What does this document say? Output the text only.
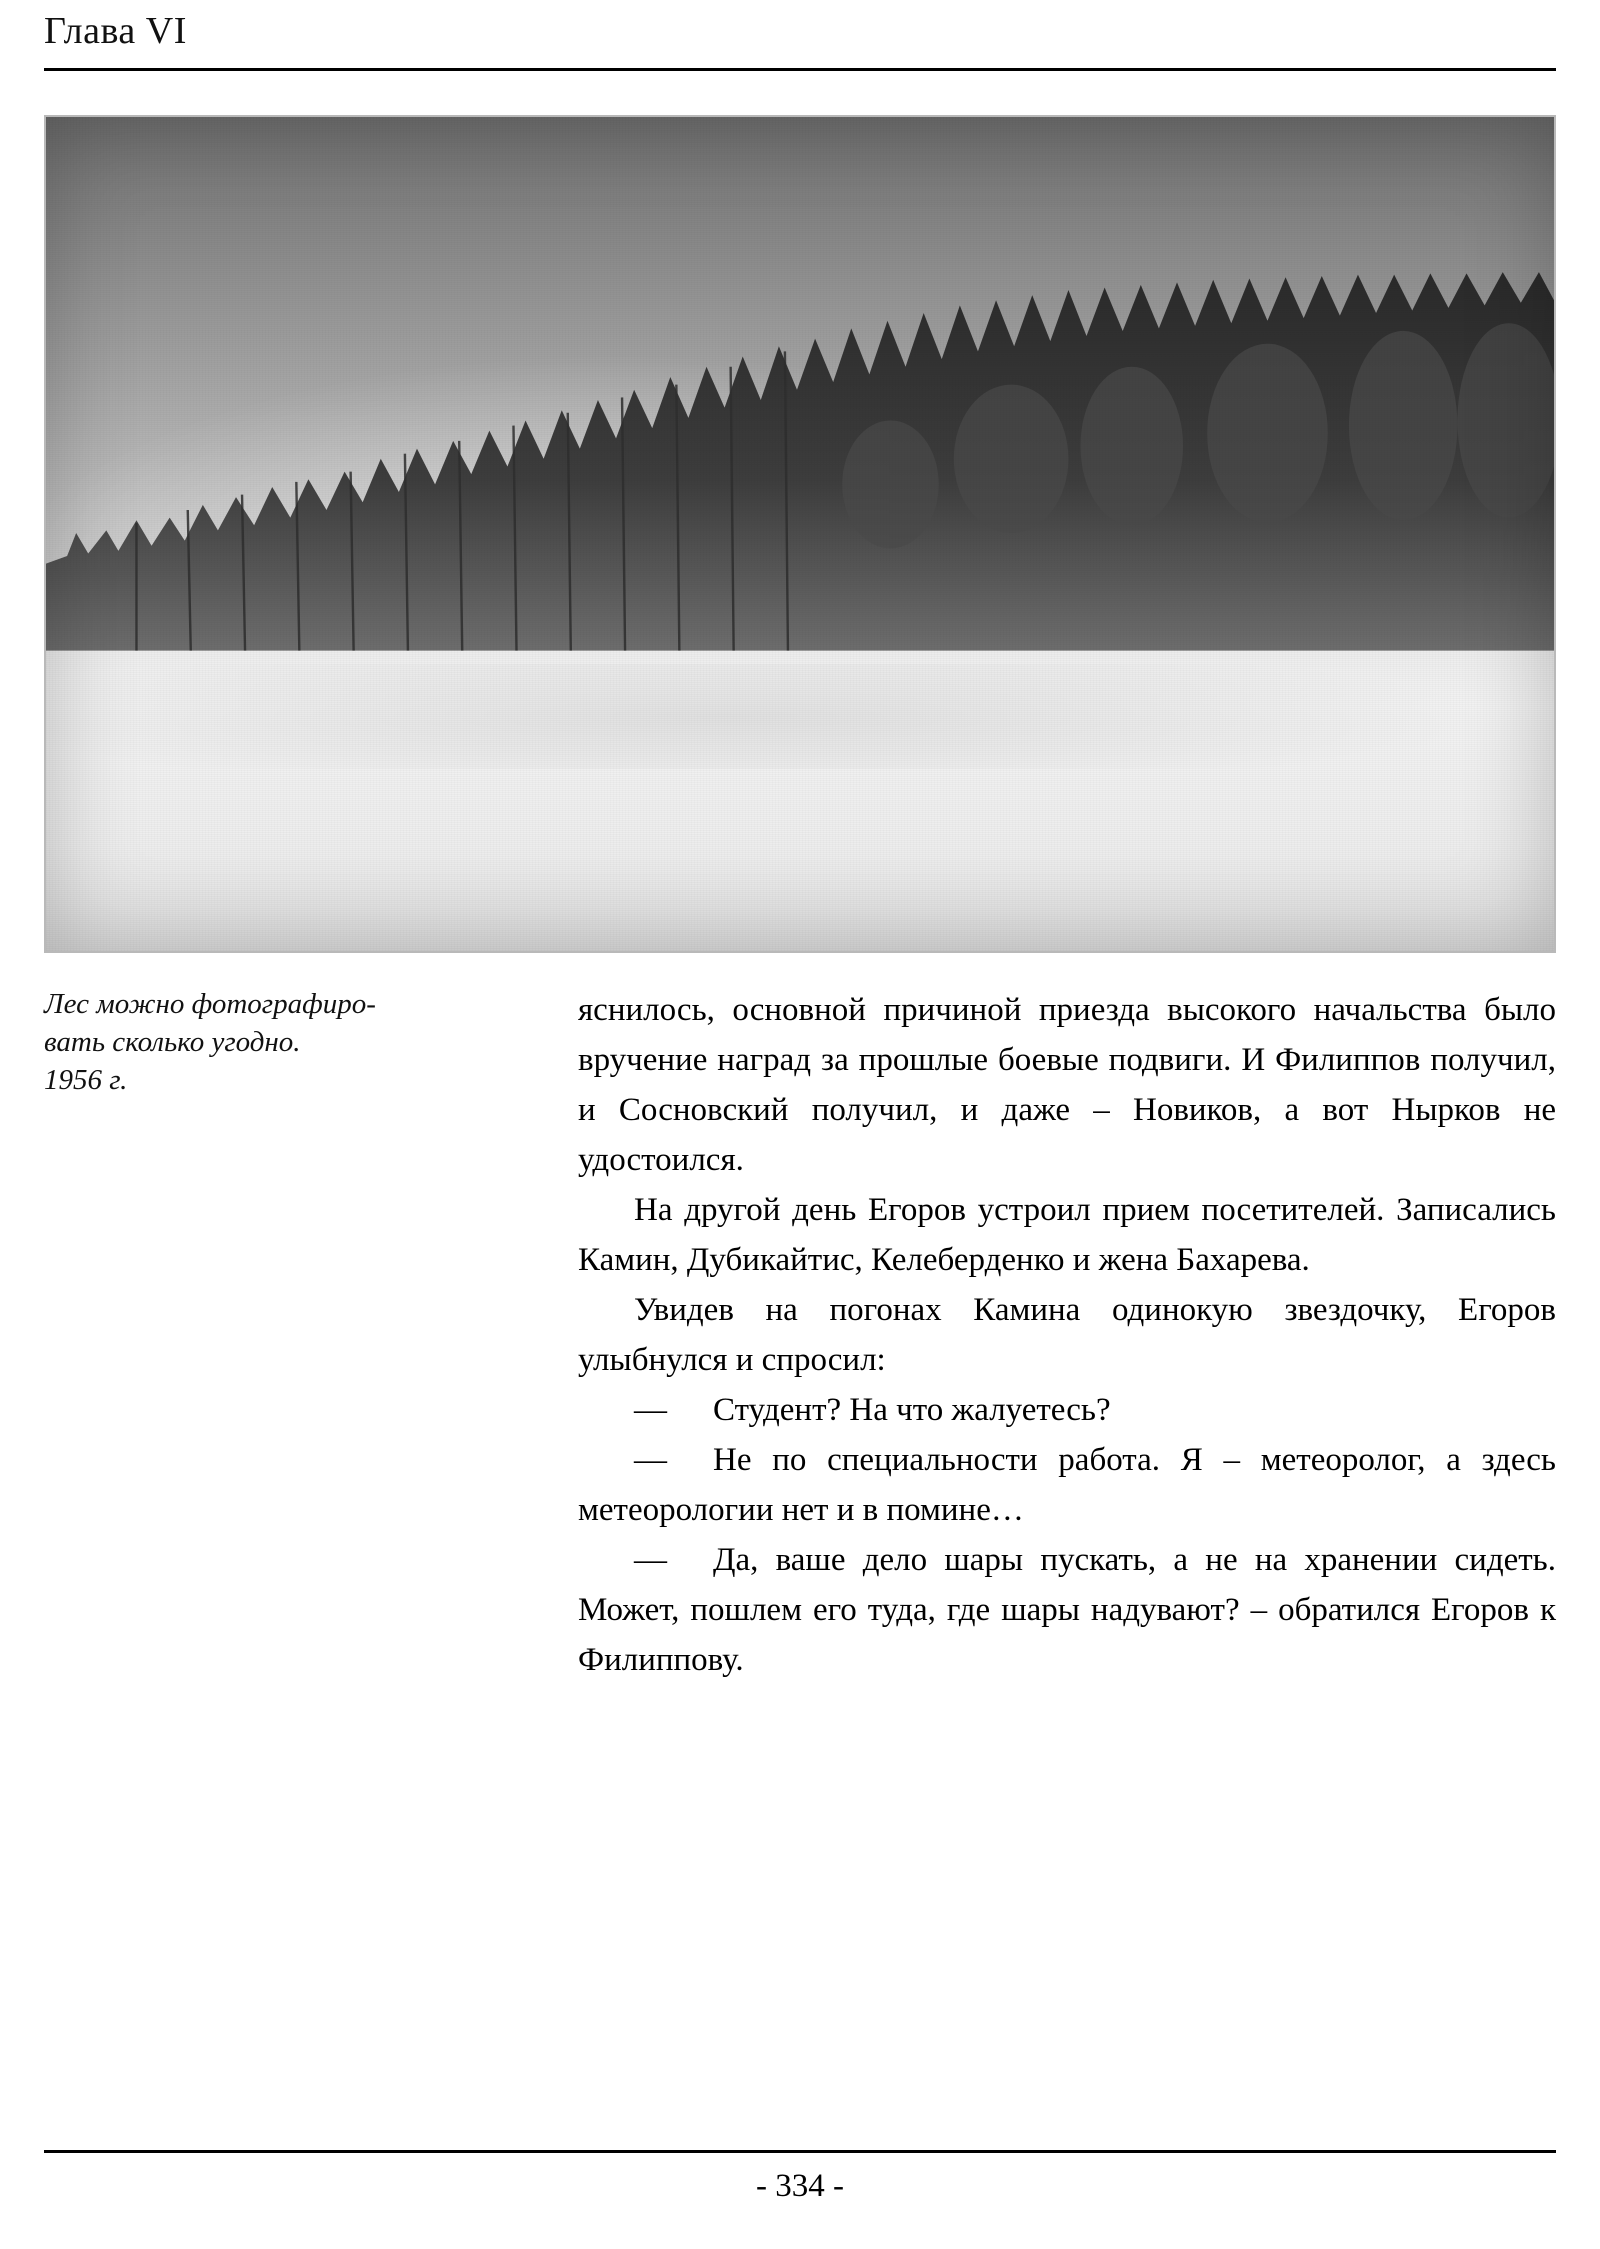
Глава VI
Лес можно фотографиро-
вать сколько угодно.
1956 г.

яснилось, основной причиной приезда высокого начальства было вручение наград за прошлые боевые подвиги. И Филиппов получил, и Сосновский получил, и даже – Новиков, а вот Нырков не удостоился.

На другой день Егоров устроил прием посетителей. Записались Камин, Дубикайтис, Келеберденко и жена Бахарева.

Увидев на погонах Камина одинокую звездочку, Егоров улыбнулся и спросил:

— Студент? На что жалуетесь?

— Не по специальности работа. Я – метеоролог, а здесь метеорологии нет и в помине…

— Да, ваше дело шары пускать, а не на хранении сидеть. Может, пошлем его туда, где шары надувают? – обратился Егоров к Филиппову.

- 334 -
